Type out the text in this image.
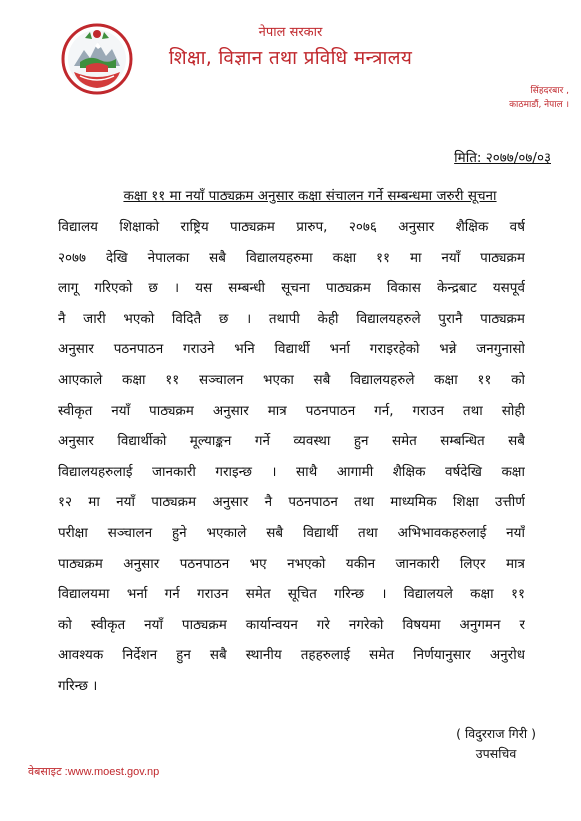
नेपाल सरकार
शिक्षा, विज्ञान तथा प्रविधि मन्त्रालय
सिंहदरबार ,
काठमाडौं, नेपाल ।
मिति: २०७७/०७/०३
कक्षा ११ मा नयाँ पाठ्यक्रम अनुसार कक्षा संचालन गर्ने सम्बन्धमा जरुरी सूचना
विद्यालय शिक्षाको राष्ट्रिय पाठ्यक्रम प्रारुप, २०७६ अनुसार शैक्षिक वर्ष
२०७७ देखि नेपालका सबै विद्यालयहरुमा कक्षा ११ मा नयाँ पाठ्यक्रम
लागू गरिएको छ । यस सम्बन्धी सूचना पाठ्यक्रम विकास केन्द्रबाट यसपूर्व
नै जारी भएको विदितै छ । तथापी केही विद्यालयहरुले पुरानै पाठ्यक्रम
अनुसार पठनपाठन गराउने भनि विद्यार्थी भर्ना गराइरहेको भन्ने जनगुनासो
आएकाले कक्षा ११ सञ्चालन भएका सबै विद्यालयहरुले कक्षा ११ को
स्वीकृत नयाँ पाठ्यक्रम अनुसार मात्र पठनपाठन गर्न, गराउन तथा सोही
अनुसार विद्यार्थीको मूल्याङ्कन गर्ने व्यवस्था हुन समेत सम्बन्धित सबै
विद्यालयहरुलाई जानकारी गराइन्छ । साथै आगामी शैक्षिक वर्षदेखि कक्षा
१२ मा नयाँ पाठ्यक्रम अनुसार नै पठनपाठन तथा माध्यमिक शिक्षा उत्तीर्ण
परीक्षा सञ्चालन हुने भएकाले सबै विद्यार्थी तथा अभिभावकहरुलाई नयाँ
पाठ्यक्रम अनुसार पठनपाठन भए नभएको यकीन जानकारी लिएर मात्र
विद्यालयमा भर्ना गर्न गराउन समेत सूचित गरिन्छ । विद्यालयले कक्षा ११
को स्वीकृत नयाँ पाठ्यक्रम कार्यान्वयन गरे नगरेको विषयमा अनुगमन र
आवश्यक निर्देशन हुन सबै स्थानीय तहहरुलाई समेत निर्णयानुसार अनुरोध
गरिन्छ ।
( विदुरराज गिरी )
उपसचिव
वेबसाइट :www.moest.gov.np
